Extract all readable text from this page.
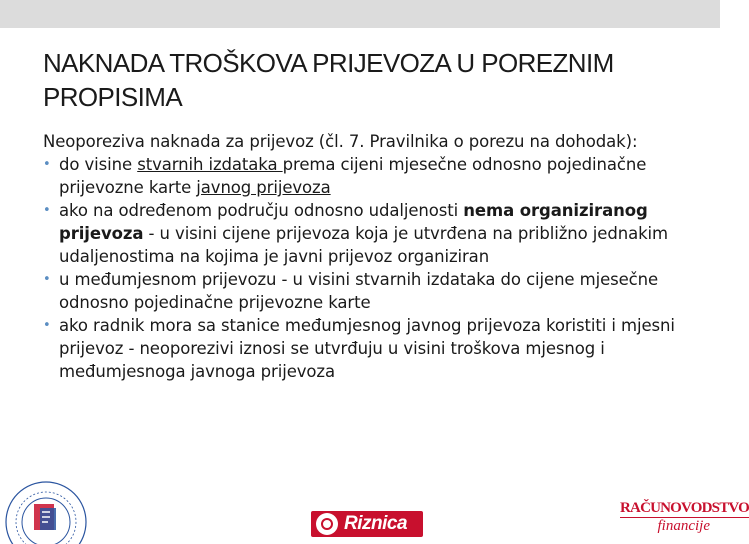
NAKNADA TROŠKOVA PRIJEVOZA U POREZNIM PROPISIMA

Neoporeziva naknada za prijevoz (čl. 7. Pravilnika o porezu na dohodak):

• do visine stvarnih izdataka prema cijeni mjesečne odnosno pojedinačne prijevozne karte javnog prijevoza
• ako na određenom području odnosno udaljenosti nema organiziranog prijevoza - u visini cijene prijevoza koja je utvrđena na približno jednakim udaljenostima na kojima je javni prijevoz organiziran
• u međumjesnom prijevozu - u visini stvarnih izdataka do cijene mjesečne odnosno pojedinačne prijevozne karte
• ako radnik mora sa stanice međumjesnog javnog prijevoza koristiti i mjesni prijevoz - neoporezivi iznosi se utvrđuju u visini troškova mjesnog i međumjesnoga javnoga prijevoza
Riznica
RAČUNOVODSTVO
financije
